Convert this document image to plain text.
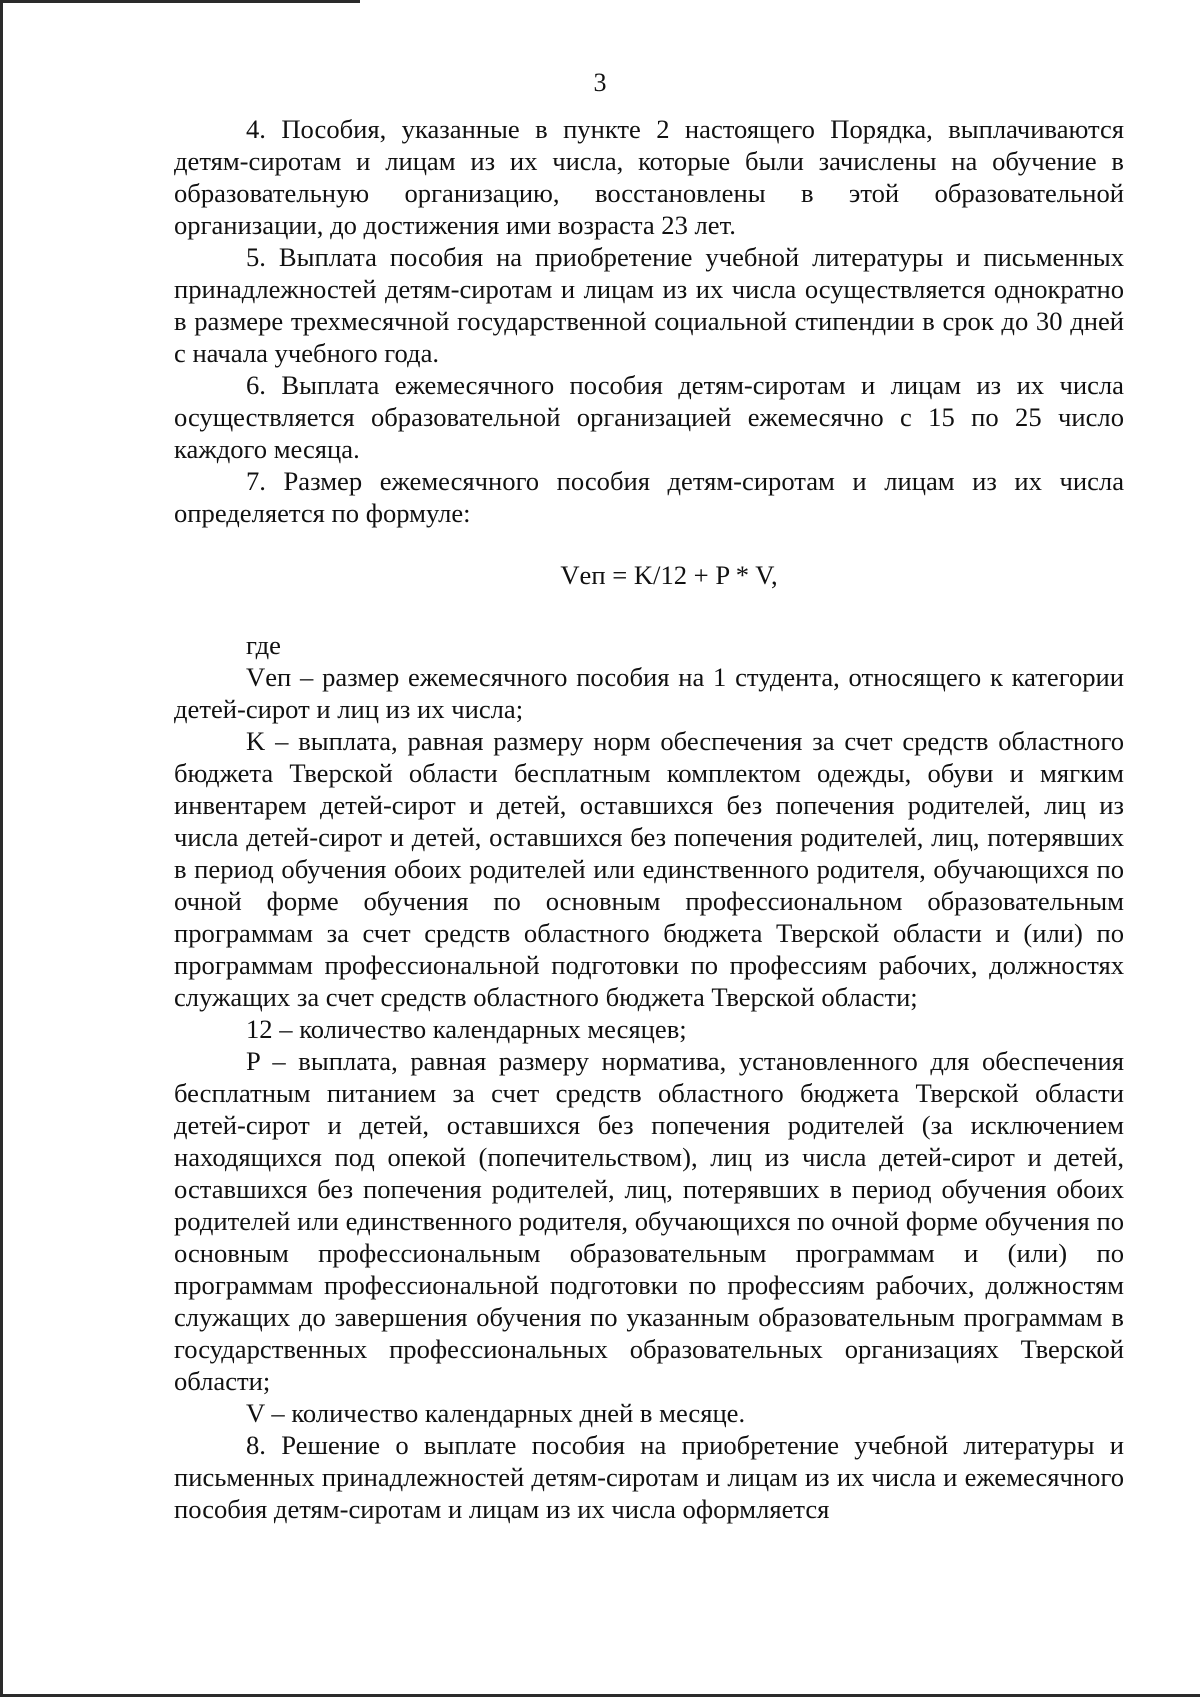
3

4. Пособия, указанные в пункте 2 настоящего Порядка, выплачиваются детям-сиротам и лицам из их числа, которые были зачислены на обучение в образовательную организацию, восстановлены в этой образовательной организации, до достижения ими возраста 23 лет.

5. Выплата пособия на приобретение учебной литературы и письменных принадлежностей детям-сиротам и лицам из их числа осуществляется однократно в размере трехмесячной государственной социальной стипендии в срок до 30 дней с начала учебного года.

6. Выплата ежемесячного пособия детям-сиротам и лицам из их числа осуществляется образовательной организацией ежемесячно с 15 по 25 число каждого месяца.

7. Размер ежемесячного пособия детям-сиротам и лицам из их числа определяется по формуле:

Vеп = K/12 + P * V,

где

Vеп – размер ежемесячного пособия на 1 студента, относящего к категории детей-сирот и лиц из их числа;

K – выплата, равная размеру норм обеспечения за счет средств областного бюджета Тверской области бесплатным комплектом одежды, обуви и мягким инвентарем детей-сирот и детей, оставшихся без попечения родителей, лиц из числа детей-сирот и детей, оставшихся без попечения родителей, лиц, потерявших в период обучения обоих родителей или единственного родителя, обучающихся по очной форме обучения по основным профессиональном образовательным программам за счет средств областного бюджета Тверской области и (или) по программам профессиональной подготовки по профессиям рабочих, должностях служащих за счет средств областного бюджета Тверской области;

12 – количество календарных месяцев;

P – выплата, равная размеру норматива, установленного для обеспечения бесплатным питанием за счет средств областного бюджета Тверской области детей-сирот и детей, оставшихся без попечения родителей (за исключением находящихся под опекой (попечительством), лиц из числа детей-сирот и детей, оставшихся без попечения родителей, лиц, потерявших в период обучения обоих родителей или единственного родителя, обучающихся по очной форме обучения по основным профессиональным образовательным программам и (или) по программам профессиональной подготовки по профессиям рабочих, должностям служащих до завершения обучения по указанным образовательным программам в государственных профессиональных образовательных организациях Тверской области;

V – количество календарных дней в месяце.

8. Решение о выплате пособия на приобретение учебной литературы и письменных принадлежностей детям-сиротам и лицам из их числа и ежемесячного пособия детям-сиротам и лицам из их числа оформляется
